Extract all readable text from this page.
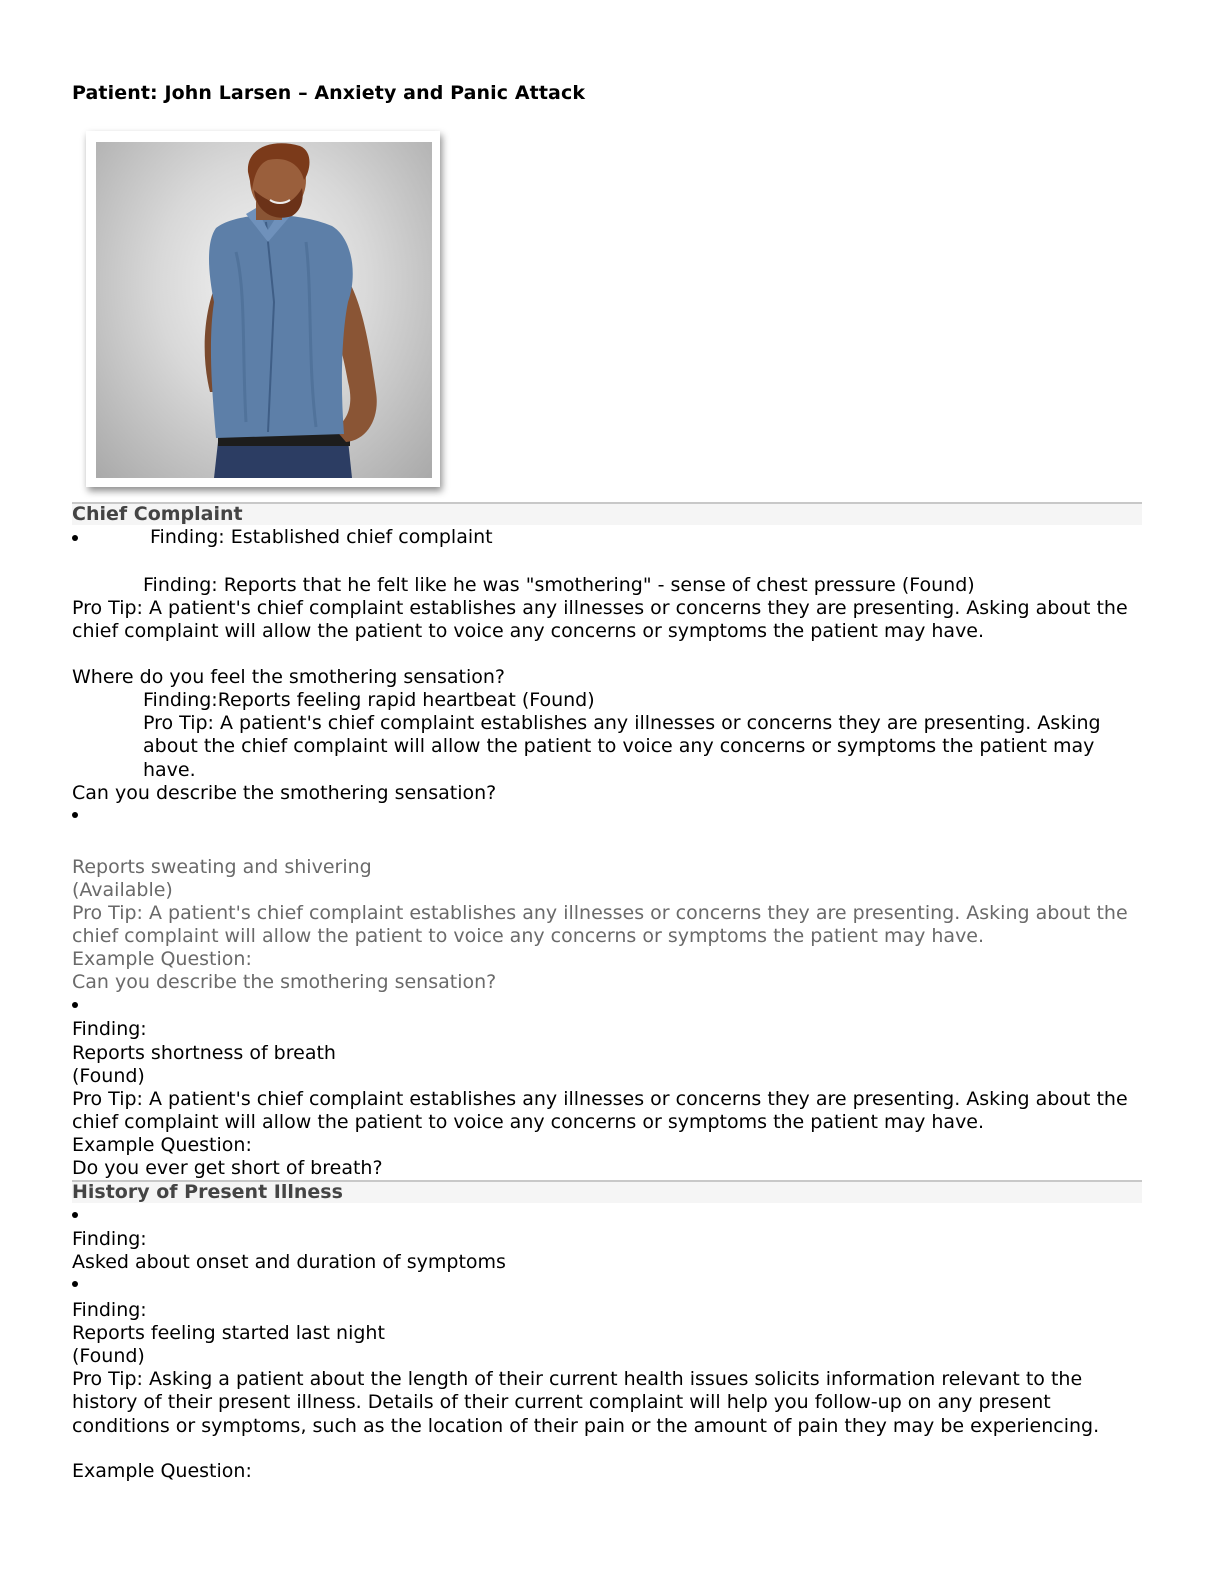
Patient: John Larsen – Anxiety and Panic Attack
Chief Complaint
Finding: Established chief complaint
Finding: Reports that he felt like he was "smothering" - sense of chest pressure (Found)
Pro Tip: A patient's chief complaint establishes any illnesses or concerns they are presenting. Asking about the chief complaint will allow the patient to voice any concerns or symptoms the patient may have.
Where do you feel the smothering sensation?
Finding:Reports feeling rapid heartbeat (Found)
Pro Tip: A patient's chief complaint establishes any illnesses or concerns they are presenting. Asking about the chief complaint will allow the patient to voice any concerns or symptoms the patient may have.
Can you describe the smothering sensation?
Reports sweating and shivering
(Available)
Pro Tip: A patient's chief complaint establishes any illnesses or concerns they are presenting. Asking about the chief complaint will allow the patient to voice any concerns or symptoms the patient may have.
Example Question:
Can you describe the smothering sensation?
Finding:
Reports shortness of breath
(Found)
Pro Tip: A patient's chief complaint establishes any illnesses or concerns they are presenting. Asking about the chief complaint will allow the patient to voice any concerns or symptoms the patient may have.
Example Question:
Do you ever get short of breath?
History of Present Illness
Finding:
Asked about onset and duration of symptoms
Finding:
Reports feeling started last night
(Found)
Pro Tip: Asking a patient about the length of their current health issues solicits information relevant to the history of their present illness. Details of their current complaint will help you follow-up on any present conditions or symptoms, such as the location of their pain or the amount of pain they may be experiencing.
Example Question:
